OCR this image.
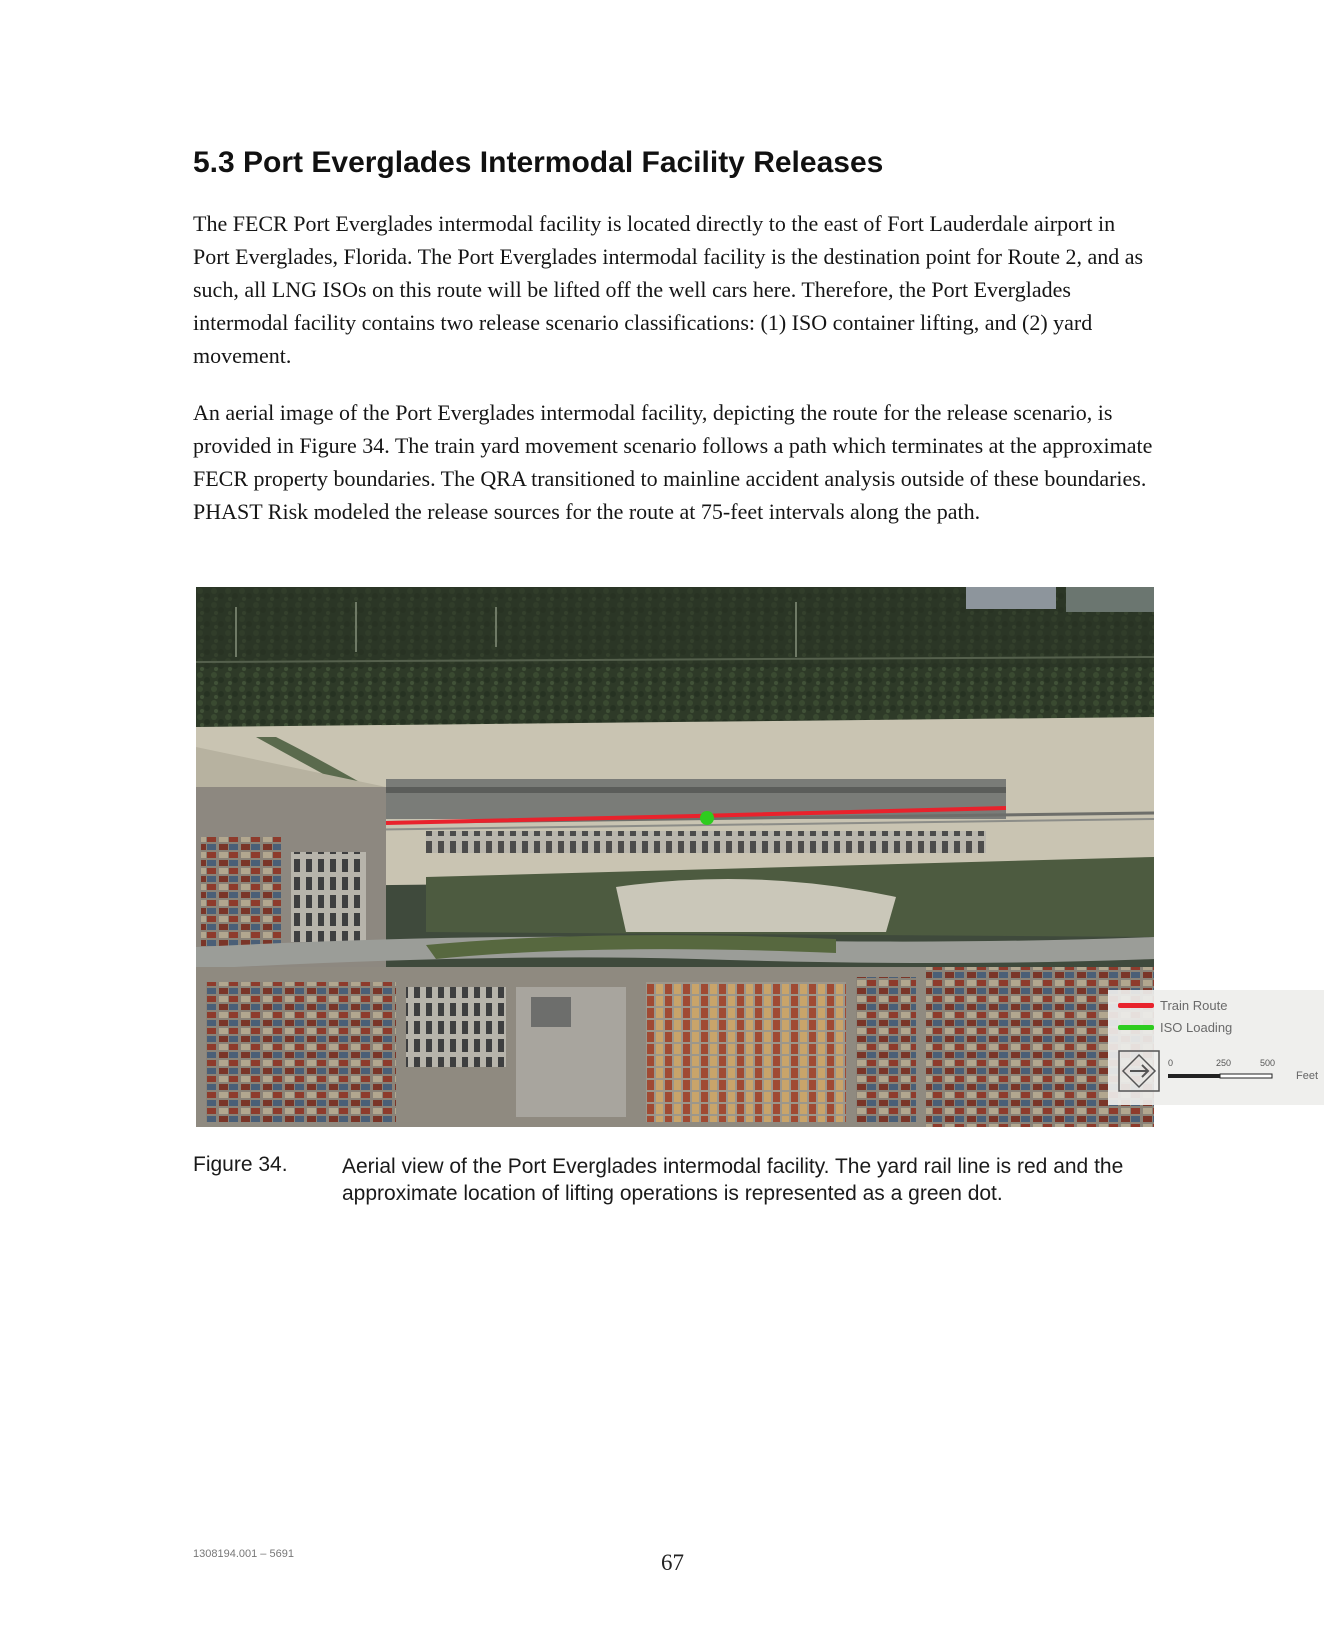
5.3 Port Everglades Intermodal Facility Releases

The FECR Port Everglades intermodal facility is located directly to the east of Fort Lauderdale airport in Port Everglades, Florida. The Port Everglades intermodal facility is the destination point for Route 2, and as such, all LNG ISOs on this route will be lifted off the well cars here. Therefore, the Port Everglades intermodal facility contains two release scenario classifications: (1) ISO container lifting, and (2) yard movement.

An aerial image of the Port Everglades intermodal facility, depicting the route for the release scenario, is provided in Figure 34. The train yard movement scenario follows a path which terminates at the approximate FECR property boundaries. The QRA transitioned to mainline accident analysis outside of these boundaries. PHAST Risk modeled the release sources for the route at 75-feet intervals along the path.

Train Route
ISO Loading
0	250	500
Feet

Figure 34.	Aerial view of the Port Everglades intermodal facility. The yard rail line is red and the approximate location of lifting operations is represented as a green dot.

1308194.001 – 5691	67
